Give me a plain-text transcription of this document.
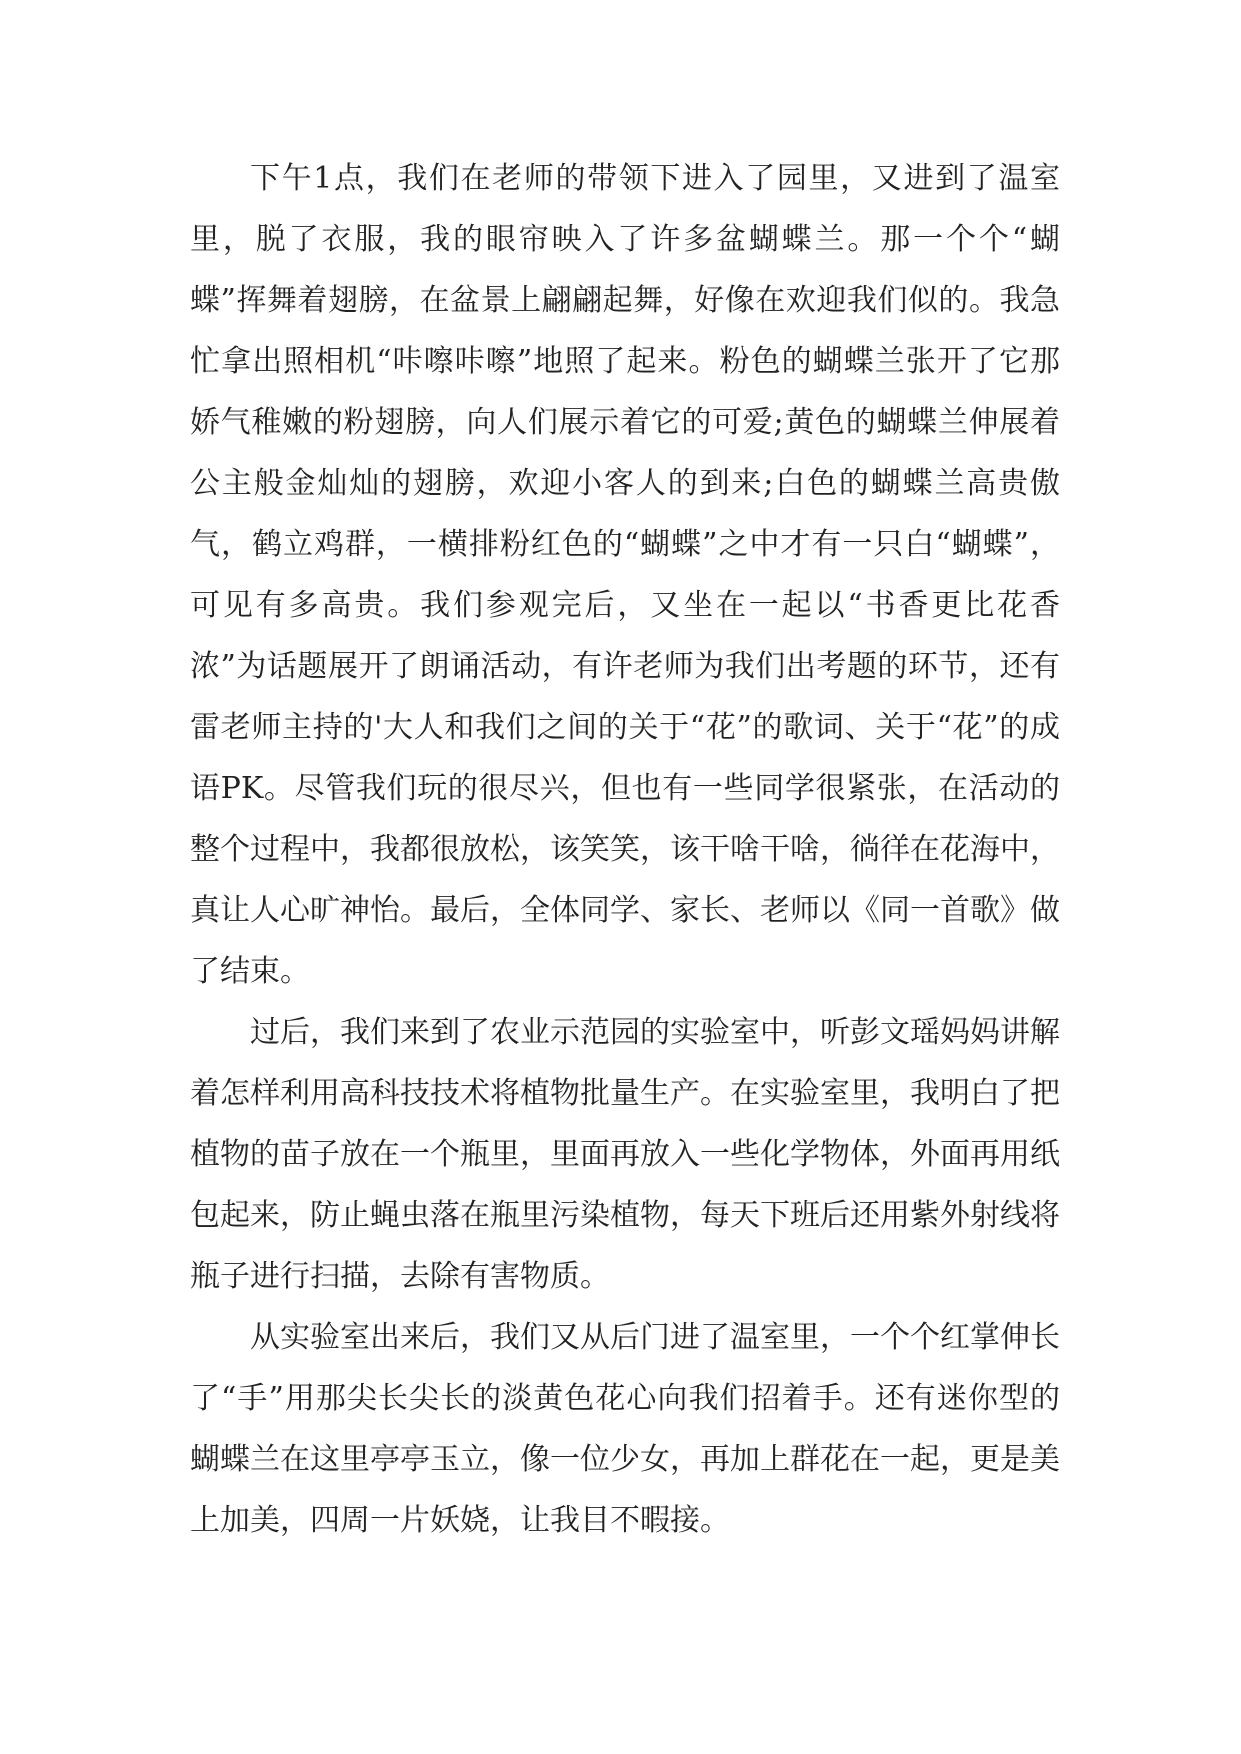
下午1点，我们在老师的带领下进入了园里，又进到了温室里，脱了衣服，我的眼帘映入了许多盆蝴蝶兰。那一个个“蝴蝶”挥舞着翅膀，在盆景上翩翩起舞，好像在欢迎我们似的。我急忙拿出照相机“咔嚓咔嚓”地照了起来。粉色的蝴蝶兰张开了它那娇气稚嫩的粉翅膀，向人们展示着它的可爱;黄色的蝴蝶兰伸展着公主般金灿灿的翅膀，欢迎小客人的到来;白色的蝴蝶兰高贵傲气，鹤立鸡群，一横排粉红色的“蝴蝶”之中才有一只白“蝴蝶”，可见有多高贵。我们参观完后，又坐在一起以“书香更比花香浓”为话题展开了朗诵活动，有许老师为我们出考题的环节，还有雷老师主持的'大人和我们之间的关于“花”的歌词、关于“花”的成语PK。尽管我们玩的很尽兴，但也有一些同学很紧张，在活动的整个过程中，我都很放松，该笑笑，该干啥干啥，徜徉在花海中，真让人心旷神怡。最后，全体同学、家长、老师以《同一首歌》做了结束。

过后，我们来到了农业示范园的实验室中，听彭文瑶妈妈讲解着怎样利用高科技技术将植物批量生产。在实验室里，我明白了把植物的苗子放在一个瓶里，里面再放入一些化学物体，外面再用纸包起来，防止蝇虫落在瓶里污染植物，每天下班后还用紫外射线将瓶子进行扫描，去除有害物质。

从实验室出来后，我们又从后门进了温室里，一个个红掌伸长了“手”用那尖长尖长的淡黄色花心向我们招着手。还有迷你型的蝴蝶兰在这里亭亭玉立，像一位少女，再加上群花在一起，更是美上加美，四周一片妖娆，让我目不暇接。
